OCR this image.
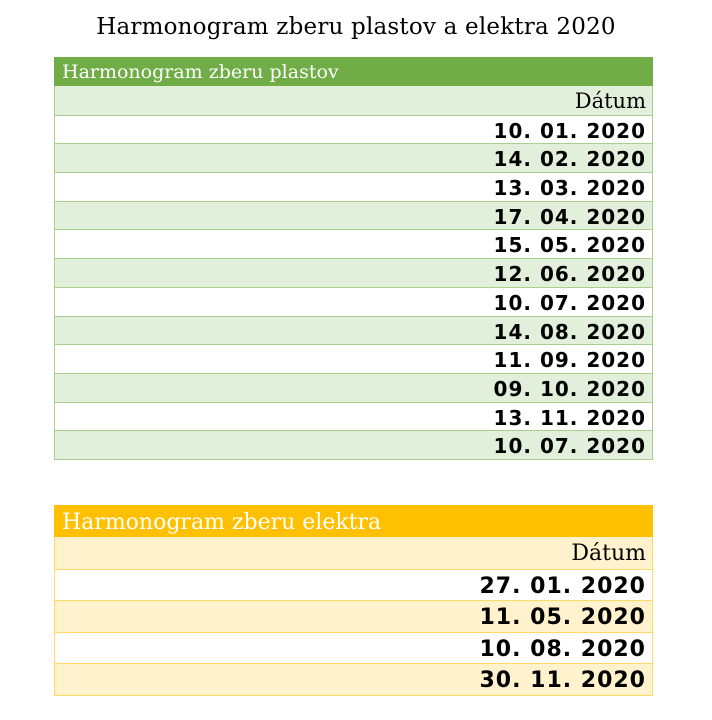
Harmonogram zberu plastov a elektra 2020
Harmonogram zberu plastov
Dátum
10. 01. 2020
14. 02. 2020
13. 03. 2020
17. 04. 2020
15. 05. 2020
12. 06. 2020
10. 07. 2020
14. 08. 2020
11. 09. 2020
09. 10. 2020
13. 11. 2020
10. 07. 2020
Harmonogram zberu elektra
Dátum
27. 01. 2020
11. 05. 2020
10. 08. 2020
30. 11. 2020
